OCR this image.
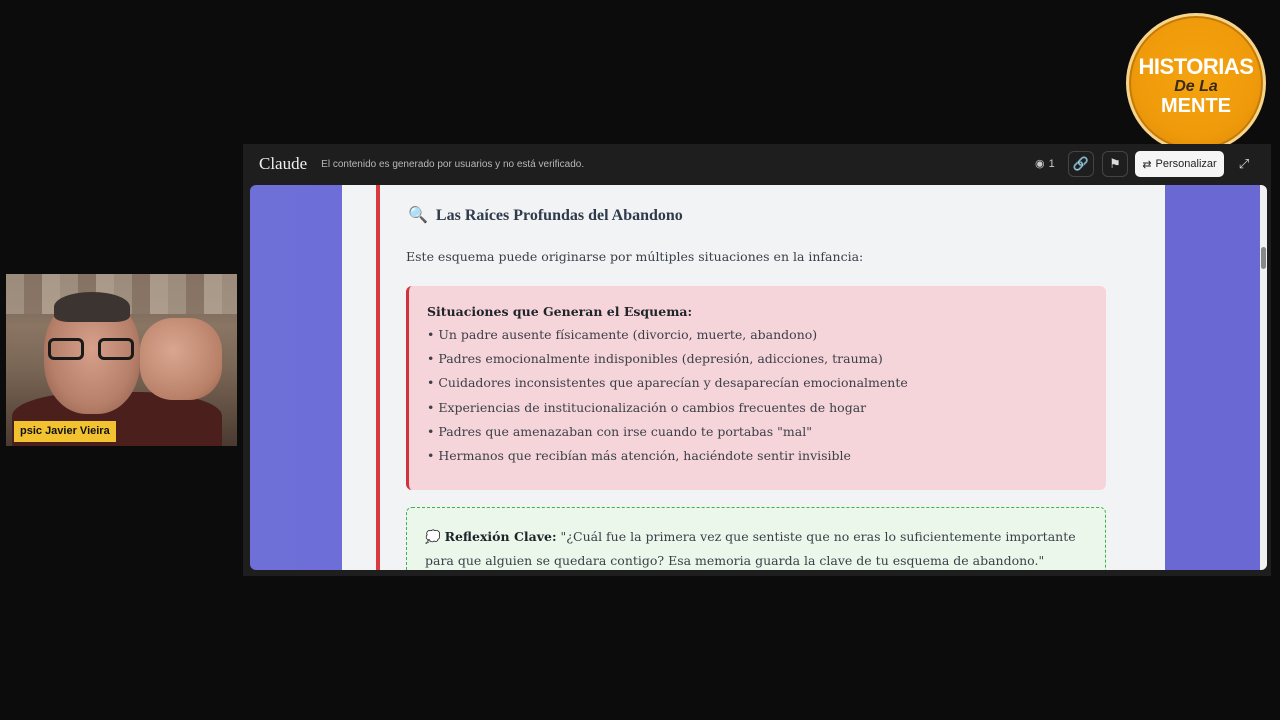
psic Javier Vieira
HISTORIAS
De La
MENTE
Claude El contenido es generado por usuarios y no está verificado.	◉ 1 🔗 ⚑ ⇄ Personalizar ⤢
🔍 Las Raíces Profundas del Abandono
Este esquema puede originarse por múltiples situaciones en la infancia:
Situaciones que Generan el Esquema:
• Un padre ausente físicamente (divorcio, muerte, abandono)
• Padres emocionalmente indisponibles (depresión, adicciones, trauma)
• Cuidadores inconsistentes que aparecían y desaparecían emocionalmente
• Experiencias de institucionalización o cambios frecuentes de hogar
• Padres que amenazaban con irse cuando te portabas "mal"
• Hermanos que recibían más atención, haciéndote sentir invisible
💭 Reflexión Clave: "¿Cuál fue la primera vez que sentiste que no eras lo suficientemente importante para que alguien se quedara contigo? Esa memoria guarda la clave de tu esquema de abandono."
